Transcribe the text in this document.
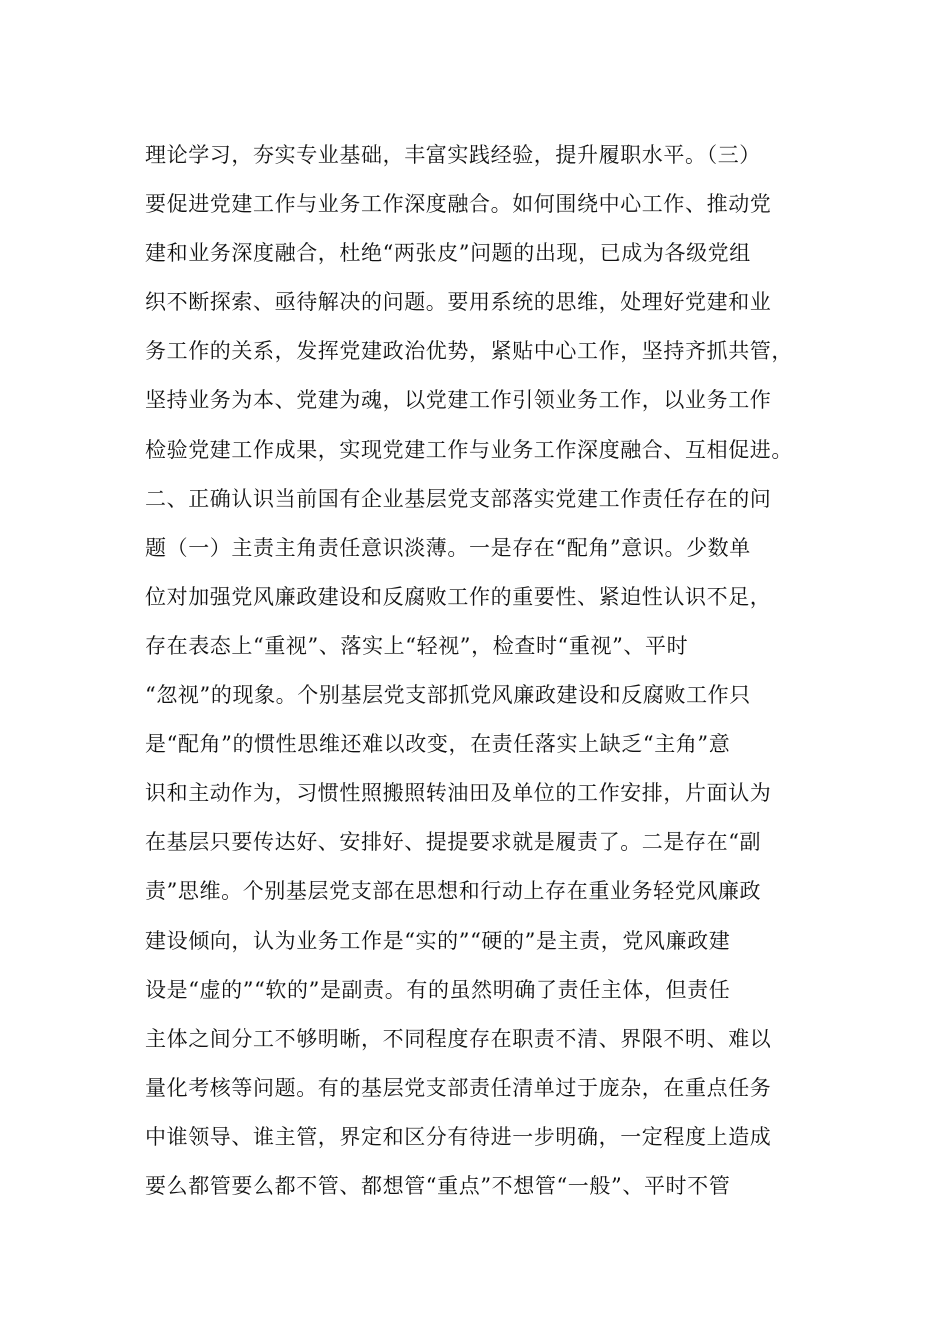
理论学习，夯实专业基础，丰富实践经验，提升履职水平。（三）
要促进党建工作与业务工作深度融合。如何围绕中心工作、推动党
建和业务深度融合，杜绝“两张皮”问题的出现，已成为各级党组
织不断探索、亟待解决的问题。要用系统的思维，处理好党建和业
务工作的关系，发挥党建政治优势，紧贴中心工作，坚持齐抓共管，
坚持业务为本、党建为魂，以党建工作引领业务工作，以业务工作
检验党建工作成果，实现党建工作与业务工作深度融合、互相促进。
二、正确认识当前国有企业基层党支部落实党建工作责任存在的问
题（一）主责主角责任意识淡薄。一是存在“配角”意识。少数单
位对加强党风廉政建设和反腐败工作的重要性、紧迫性认识不足，
存在表态上“重视”、落实上“轻视”，检查时“重视”、平时
“忽视”的现象。个别基层党支部抓党风廉政建设和反腐败工作只
是“配角”的惯性思维还难以改变，在责任落实上缺乏“主角”意
识和主动作为，习惯性照搬照转油田及单位的工作安排，片面认为
在基层只要传达好、安排好、提提要求就是履责了。二是存在“副
责”思维。个别基层党支部在思想和行动上存在重业务轻党风廉政
建设倾向，认为业务工作是“实的”“硬的”是主责，党风廉政建
设是“虚的”“软的”是副责。有的虽然明确了责任主体，但责任
主体之间分工不够明晰，不同程度存在职责不清、界限不明、难以
量化考核等问题。有的基层党支部责任清单过于庞杂，在重点任务
中谁领导、谁主管，界定和区分有待进一步明确，一定程度上造成
要么都管要么都不管、都想管“重点”不想管“一般”、平时不管
